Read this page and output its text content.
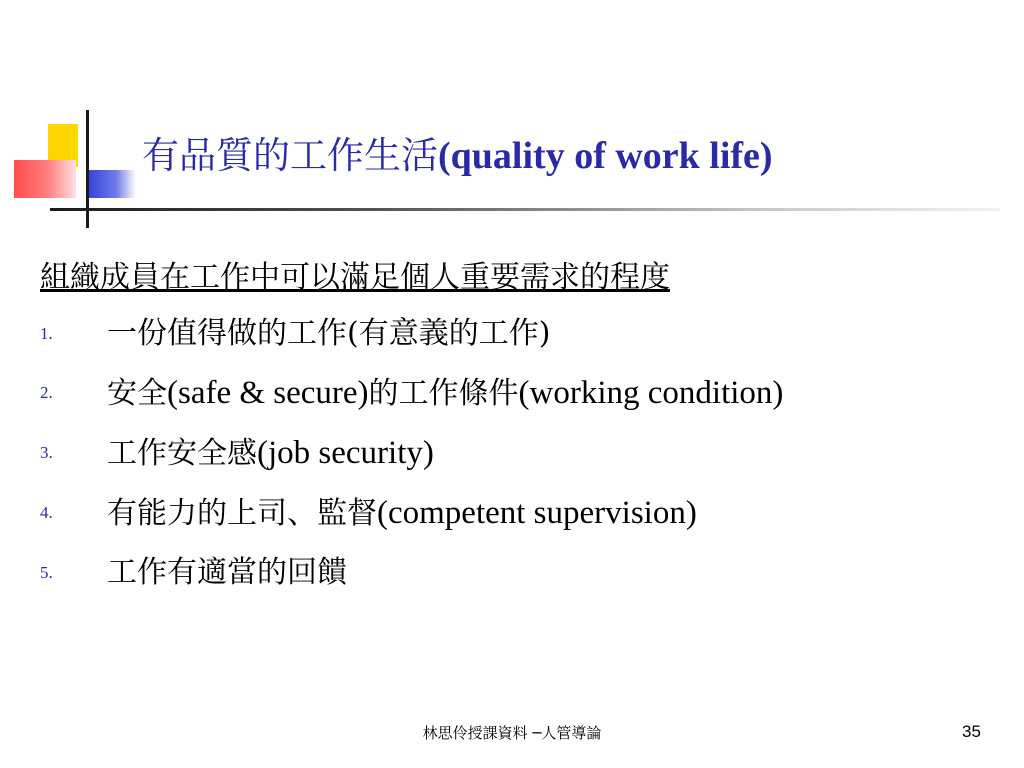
有品質的工作生活(quality of work life)
組織成員在工作中可以滿足個人重要需求的程度
1. 一份值得做的工作(有意義的工作)
2. 安全(safe & secure)的工作條件(working condition)
3. 工作安全感(job security)
4. 有能力的上司、監督(competent supervision)
5. 工作有適當的回饋
林思伶授課資料 ─人管導論	35
